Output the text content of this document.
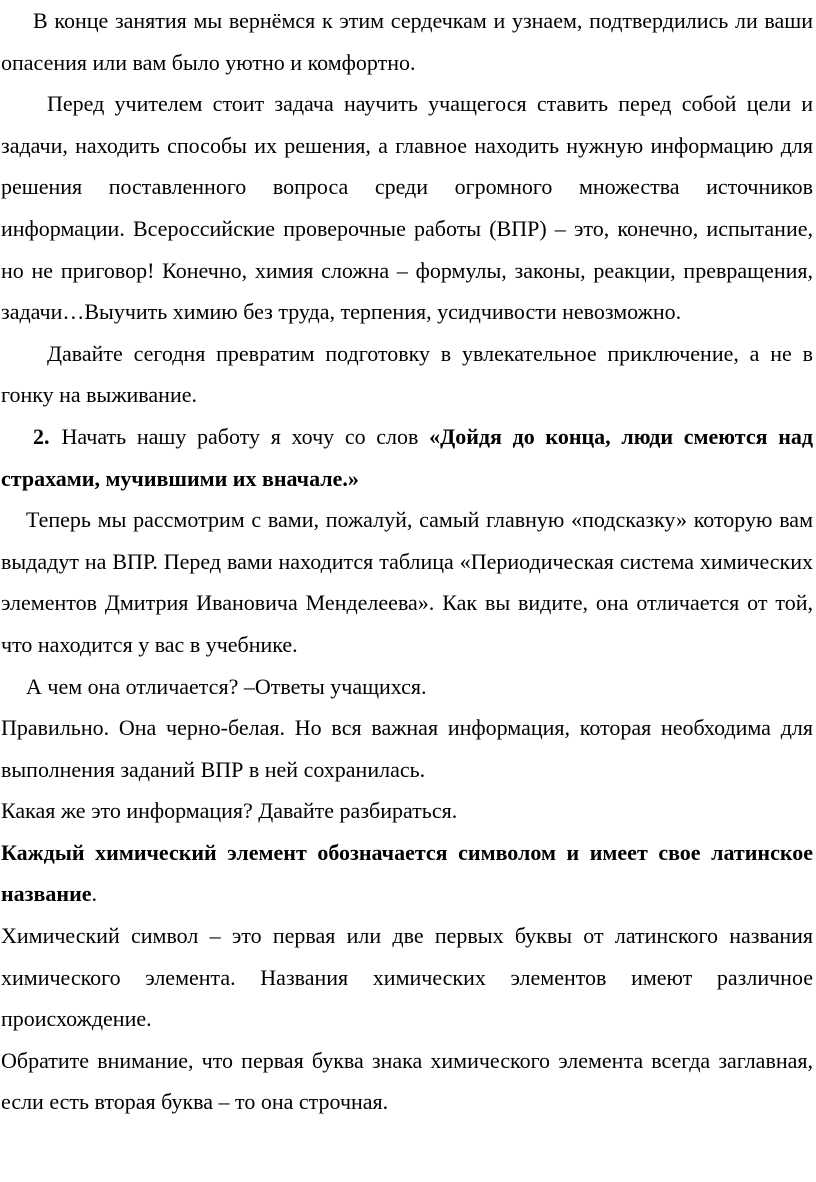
В конце занятия мы вернёмся к этим сердечкам и узнаем, подтвердились ли ваши опасения или вам было уютно и комфортно.

Перед учителем стоит задача научить учащегося ставить перед собой цели и задачи, находить способы их решения, а главное находить нужную информацию для решения поставленного вопроса среди огромного множества источников информации. Всероссийские проверочные работы (ВПР) – это, конечно, испытание, но не приговор! Конечно, химия сложна – формулы, законы, реакции, превращения, задачи…Выучить химию без труда, терпения, усидчивости невозможно.

Давайте сегодня превратим подготовку в увлекательное приключение, а не в гонку на выживание.

2. Начать нашу работу я хочу со слов «Дойдя до конца, люди смеются над страхами, мучившими их вначале.»

Теперь мы рассмотрим с вами, пожалуй, самый главную «подсказку» которую вам выдадут на ВПР. Перед вами находится таблица «Периодическая система химических элементов Дмитрия Ивановича Менделеева». Как вы видите, она отличается от той, что находится у вас в учебнике.

А чем она отличается? –Ответы учащихся.

Правильно. Она черно-белая. Но вся важная информация, которая необходима для выполнения заданий ВПР в ней сохранилась.

Какая же это информация? Давайте разбираться.

Каждый химический элемент обозначается символом и имеет свое латинское название.

Химический символ – это первая или две первых буквы от латинского названия химического элемента. Названия химических элементов имеют различное происхождение.

Обратите внимание, что первая буква знака химического элемента всегда заглавная, если есть вторая буква – то она строчная.
